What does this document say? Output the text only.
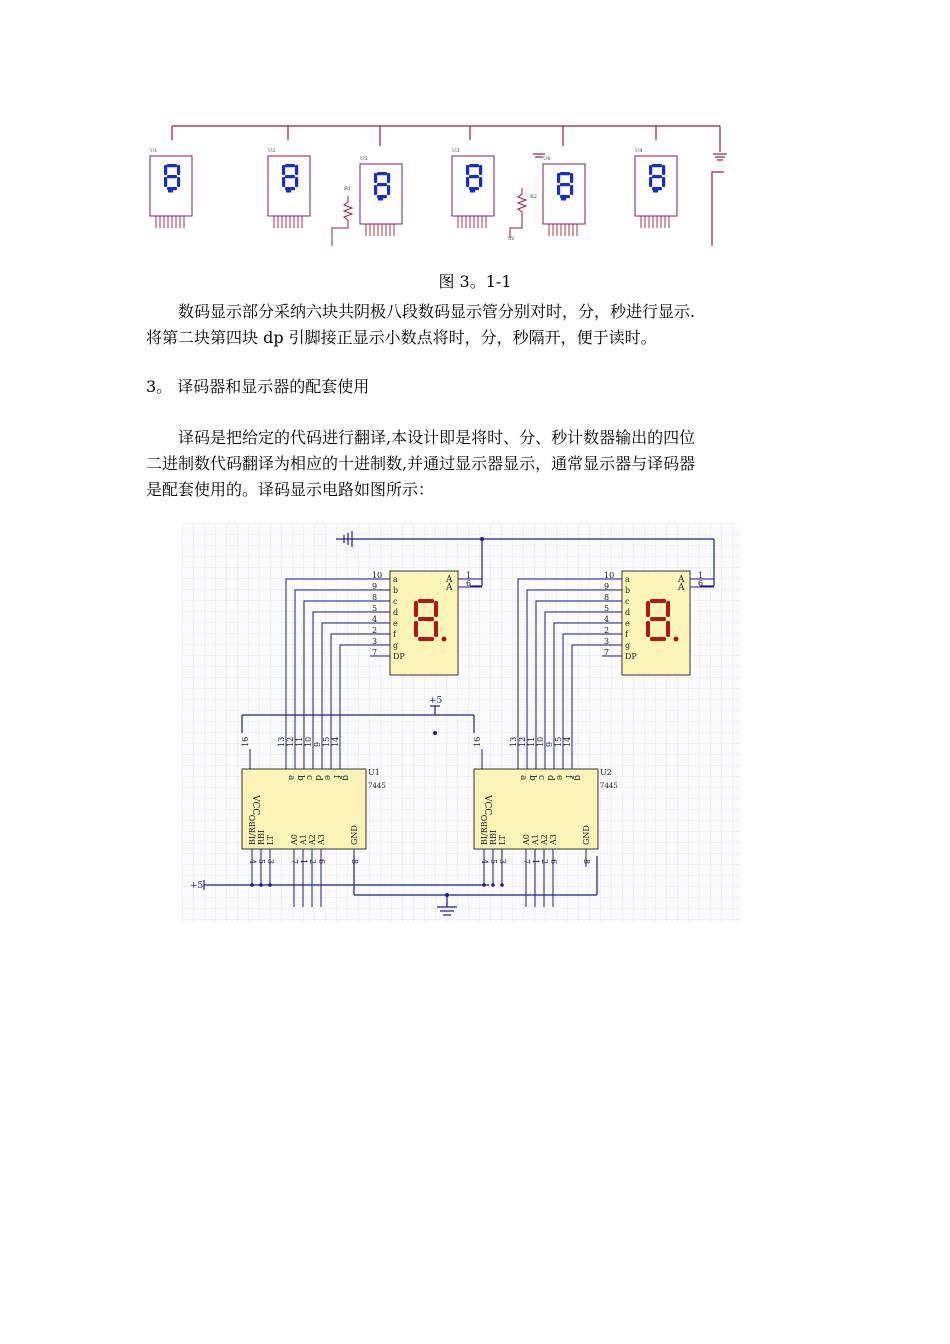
U1	U2
U5
U3
U6
U4
R1
R2
5V
图 3。1-1

数码显示部分采纳六块共阴极八段数码显示管分别对时，分，秒进行显示.

将第二块第四块 dp 引脚接正显示小数点将时，分，秒隔开，便于读时。

3。 译码器和显示器的配套使用

译码是把给定的代码进行翻译,本设计即是将时、分、秒计数器输出的四位

二进制数代码翻译为相应的十进制数,并通过显示器显示，通常显示器与译码器

是配套使用的。译码显示电路如图所示：

10 a
9 b
8 c
5 d
4 e
2 f
3 g
7 DP
A 1
A 6
U1
7445
16
VCC
13
a
12
b
11
c
10
d
9
e
15
f
14
g
BI/RBO
4
RBI
5
LT
3
A0
7
A1
1
A2
2
A3
6
GND
8
10 a
9 b
8 c
5 d
4 e
2 f
3 g
7 DP
A 1
A 6
U2
7445
16
VCC
13
a
12
b
11
c
10
d
9
e
15
f
14
g
BI/RBO
4
RBI
5
LT
3
A0
7
A1
1
A2
2
A3
6
GND
8
+5
+5
